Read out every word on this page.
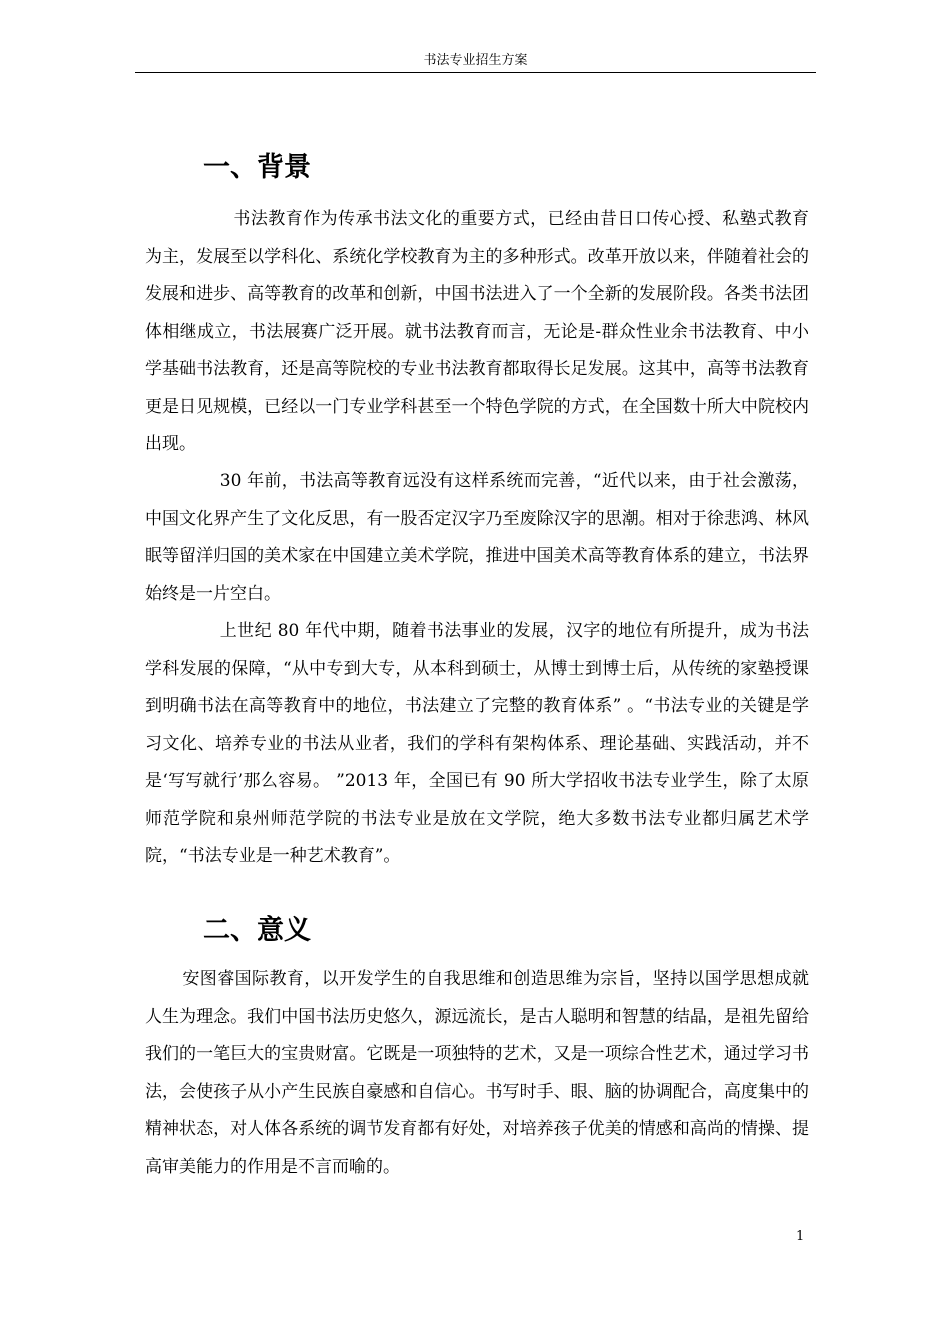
书法专业招生方案
一、背景
书法教育作为传承书法文化的重要方式，已经由昔日口传心授、私塾式教育为主，发展至以学科化、系统化学校教育为主的多种形式。改革开放以来，伴随着社会的发展和进步、高等教育的改革和创新，中国书法进入了一个全新的发展阶段。各类书法团体相继成立，书法展赛广泛开展。就书法教育而言，无论是-群众性业余书法教育、中小学基础书法教育，还是高等院校的专业书法教育都取得长足发展。这其中，高等书法教育更是日见规模，已经以一门专业学科甚至一个特色学院的方式，在全国数十所大中院校内出现。
30 年前，书法高等教育远没有这样系统而完善，“近代以来，由于社会激荡，中国文化界产生了文化反思，有一股否定汉字乃至废除汉字的思潮。相对于徐悲鸿、林风眠等留洋归国的美术家在中国建立美术学院，推进中国美术高等教育体系的建立，书法界始终是一片空白。
上世纪 80 年代中期，随着书法事业的发展，汉字的地位有所提升，成为书法学科发展的保障，“从中专到大专，从本科到硕士，从博士到博士后，从传统的家塾授课到明确书法在高等教育中的地位，书法建立了完整的教育体系” 。“书法专业的关键是学习文化、培养专业的书法从业者，我们的学科有架构体系、理论基础、实践活动，并不是‘写写就行’那么容易。 ”2013 年，全国已有 90 所大学招收书法专业学生，除了太原师范学院和泉州师范学院的书法专业是放在文学院，绝大多数书法专业都归属艺术学院，“书法专业是一种艺术教育”。
二、意义
安图睿国际教育，以开发学生的自我思维和创造思维为宗旨，坚持以国学思想成就人生为理念。我们中国书法历史悠久，源远流长，是古人聪明和智慧的结晶，是祖先留给我们的一笔巨大的宝贵财富。它既是一项独特的艺术，又是一项综合性艺术，通过学习书法，会使孩子从小产生民族自豪感和自信心。书写时手、眼、脑的协调配合，高度集中的精神状态，对人体各系统的调节发育都有好处，对培养孩子优美的情感和高尚的情操、提高审美能力的作用是不言而喻的。
1
